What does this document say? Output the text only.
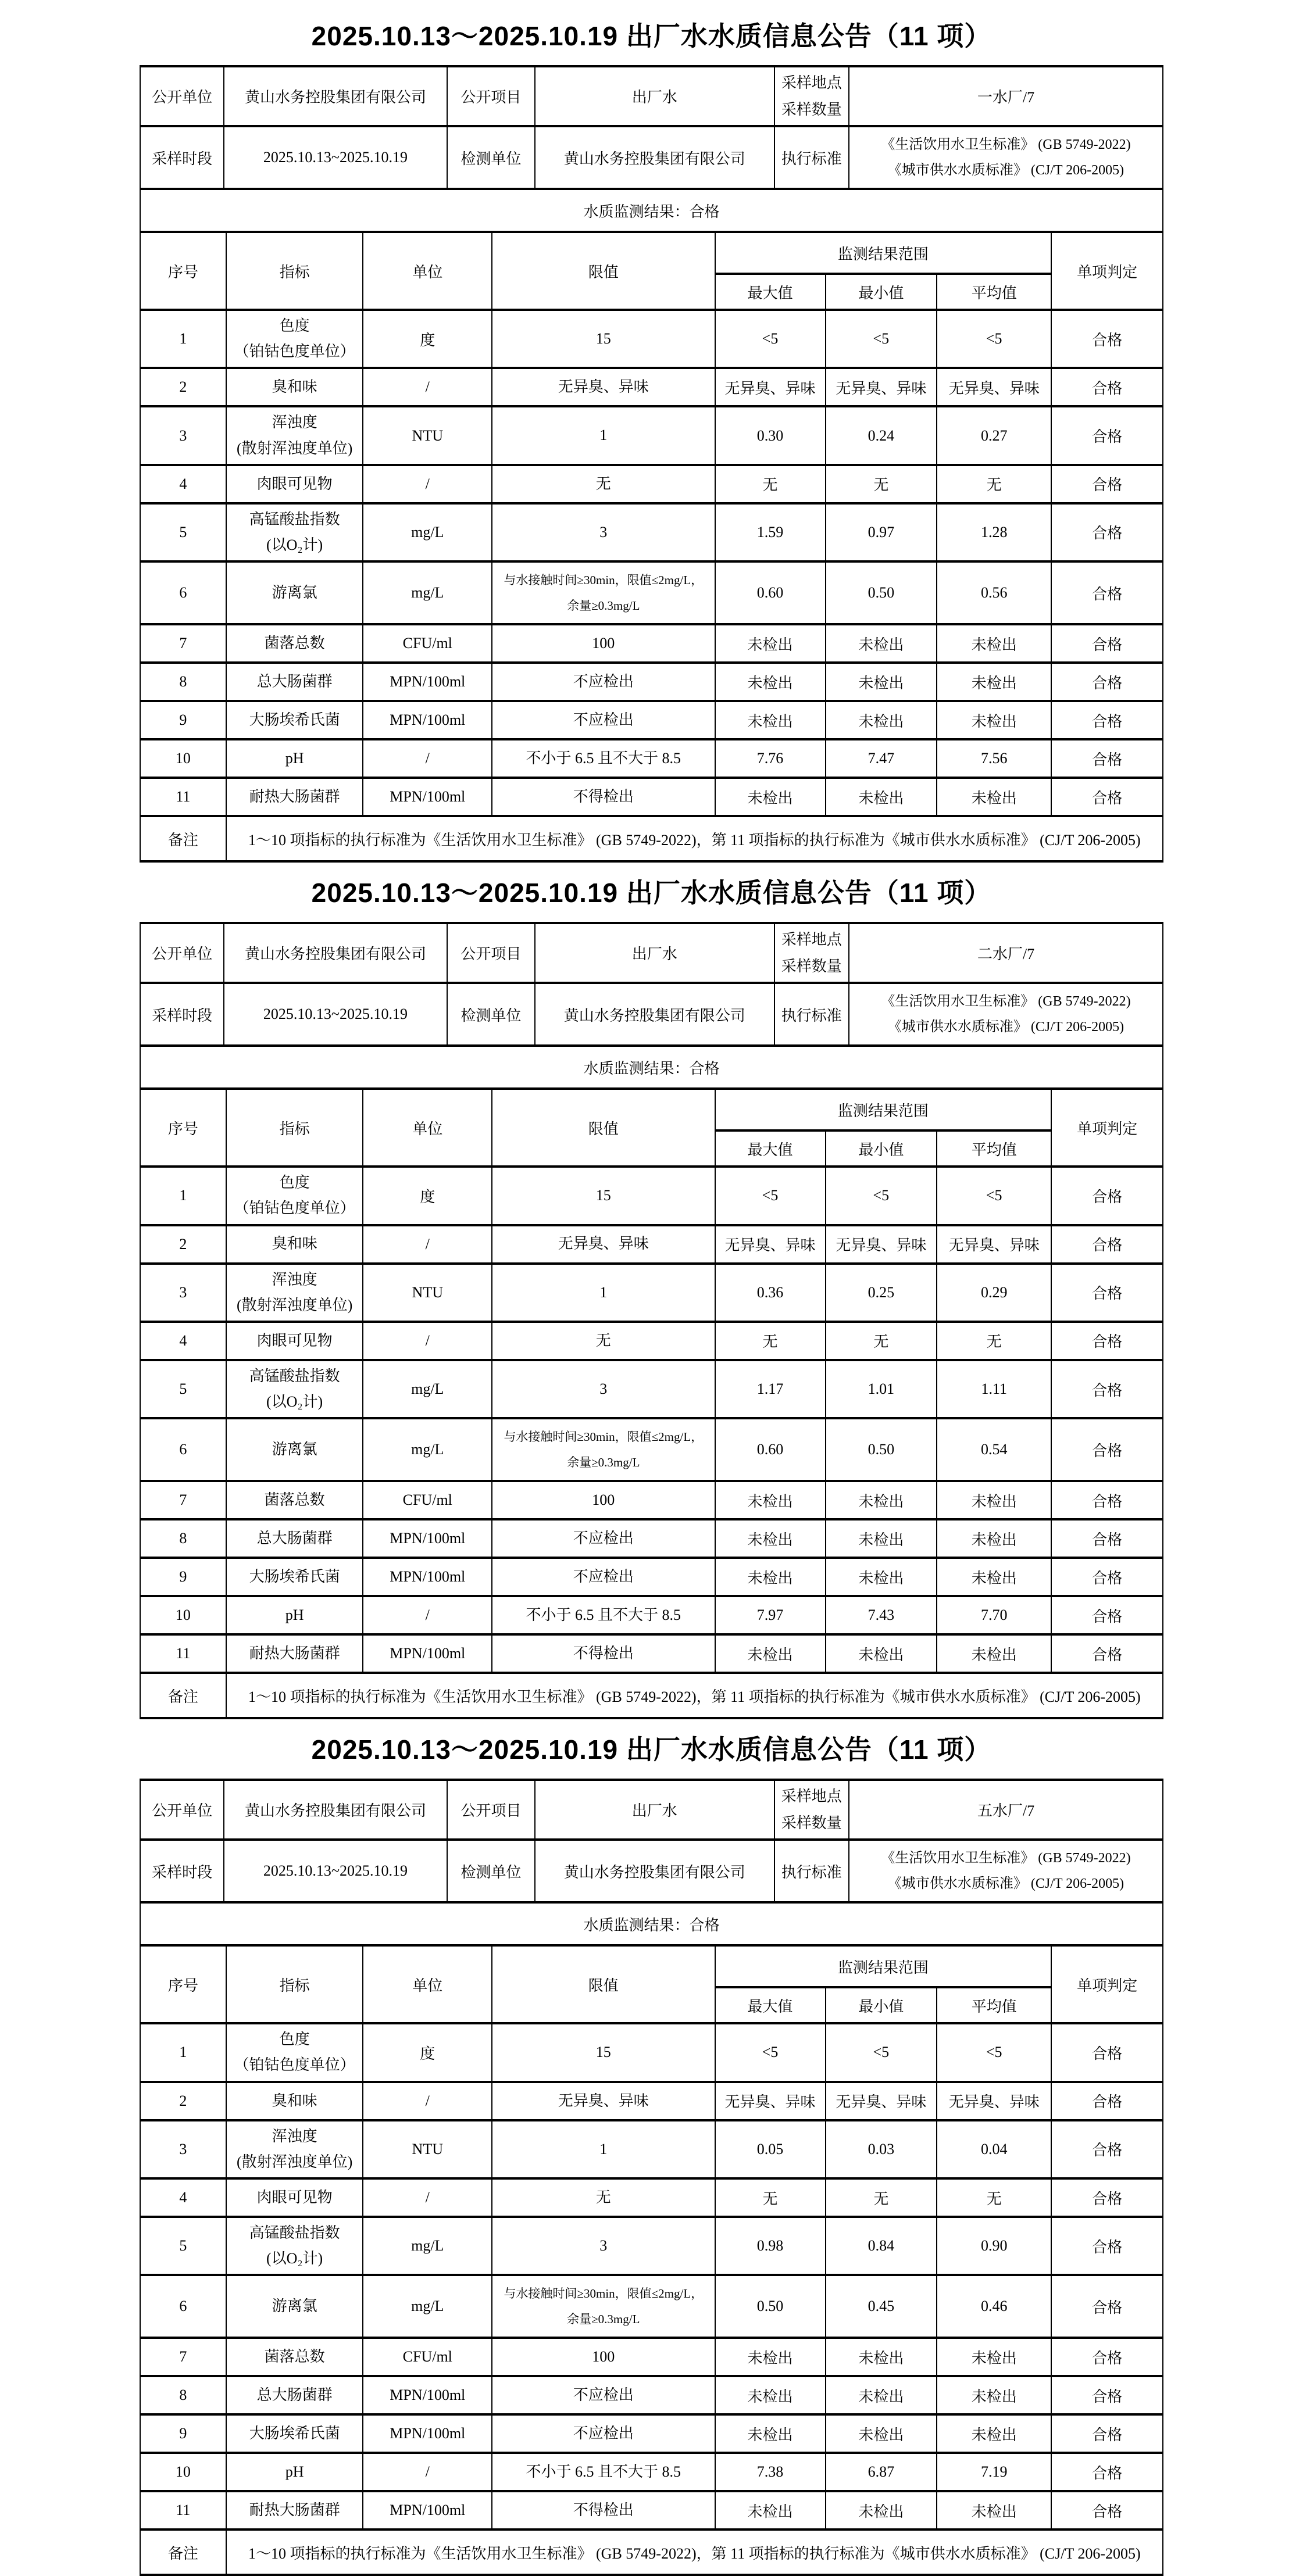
2025.10.13～2025.10.19 出厂水水质信息公告（11 项）
公开单位	黄山水务控股集团有限公司	公开项目	出厂水	采样地点
采样数量	一水厂/7
采样时段	2025.10.13~2025.10.19	检测单位	黄山水务控股集团有限公司	执行标准	《生活饮用水卫生标准》 (GB 5749-2022)
《城市供水水质标准》 (CJ/T 206-2005)
水质监测结果：合格
序号	指标	单位	限值	监测结果范围			单项判定
				最大值	最小值	平均值	
1	色度
（铂钴色度单位）	度	15	<5	<5	<5	合格
2	臭和味	/	无异臭、异味	无异臭、异味	无异臭、异味	无异臭、异味	合格
3	浑浊度
(散射浑浊度单位)	NTU	1	0.30	0.24	0.27	合格
4	肉眼可见物	/	无	无	无	无	合格
5	高锰酸盐指数
(以O₂计)	mg/L	3	1.59	0.97	1.28	合格
6	游离氯	mg/L	与水接触时间≥30min，限值≤2mg/L，
余量≥0.3mg/L	0.60	0.50	0.56	合格
7	菌落总数	CFU/ml	100	未检出	未检出	未检出	合格
8	总大肠菌群	MPN/100ml	不应检出	未检出	未检出	未检出	合格
9	大肠埃希氏菌	MPN/100ml	不应检出	未检出	未检出	未检出	合格
10	pH	/	不小于 6.5 且不大于 8.5	7.76	7.47	7.56	合格
11	耐热大肠菌群	MPN/100ml	不得检出	未检出	未检出	未检出	合格
备注	1～10 项指标的执行标准为《生活饮用水卫生标准》 (GB 5749-2022)，第 11 项指标的执行标准为《城市供水水质标准》 (CJ/T 206-2005)						
2025.10.13～2025.10.19 出厂水水质信息公告（11 项）
公开单位	黄山水务控股集团有限公司	公开项目	出厂水	采样地点
采样数量	二水厂/7
采样时段	2025.10.13~2025.10.19	检测单位	黄山水务控股集团有限公司	执行标准	《生活饮用水卫生标准》 (GB 5749-2022)
《城市供水水质标准》 (CJ/T 206-2005)
水质监测结果：合格
序号	指标	单位	限值	监测结果范围			单项判定
				最大值	最小值	平均值	
1	色度
（铂钴色度单位）	度	15	<5	<5	<5	合格
2	臭和味	/	无异臭、异味	无异臭、异味	无异臭、异味	无异臭、异味	合格
3	浑浊度
(散射浑浊度单位)	NTU	1	0.36	0.25	0.29	合格
4	肉眼可见物	/	无	无	无	无	合格
5	高锰酸盐指数
(以O₂计)	mg/L	3	1.17	1.01	1.11	合格
6	游离氯	mg/L	与水接触时间≥30min，限值≤2mg/L，
余量≥0.3mg/L	0.60	0.50	0.54	合格
7	菌落总数	CFU/ml	100	未检出	未检出	未检出	合格
8	总大肠菌群	MPN/100ml	不应检出	未检出	未检出	未检出	合格
9	大肠埃希氏菌	MPN/100ml	不应检出	未检出	未检出	未检出	合格
10	pH	/	不小于 6.5 且不大于 8.5	7.97	7.43	7.70	合格
11	耐热大肠菌群	MPN/100ml	不得检出	未检出	未检出	未检出	合格
备注	1～10 项指标的执行标准为《生活饮用水卫生标准》 (GB 5749-2022)，第 11 项指标的执行标准为《城市供水水质标准》 (CJ/T 206-2005)						
2025.10.13～2025.10.19 出厂水水质信息公告（11 项）
公开单位	黄山水务控股集团有限公司	公开项目	出厂水	采样地点
采样数量	五水厂/7
采样时段	2025.10.13~2025.10.19	检测单位	黄山水务控股集团有限公司	执行标准	《生活饮用水卫生标准》 (GB 5749-2022)
《城市供水水质标准》 (CJ/T 206-2005)
水质监测结果：合格
序号	指标	单位	限值	监测结果范围			单项判定
				最大值	最小值	平均值	
1	色度
（铂钴色度单位）	度	15	<5	<5	<5	合格
2	臭和味	/	无异臭、异味	无异臭、异味	无异臭、异味	无异臭、异味	合格
3	浑浊度
(散射浑浊度单位)	NTU	1	0.05	0.03	0.04	合格
4	肉眼可见物	/	无	无	无	无	合格
5	高锰酸盐指数
(以O₂计)	mg/L	3	0.98	0.84	0.90	合格
6	游离氯	mg/L	与水接触时间≥30min，限值≤2mg/L，
余量≥0.3mg/L	0.50	0.45	0.46	合格
7	菌落总数	CFU/ml	100	未检出	未检出	未检出	合格
8	总大肠菌群	MPN/100ml	不应检出	未检出	未检出	未检出	合格
9	大肠埃希氏菌	MPN/100ml	不应检出	未检出	未检出	未检出	合格
10	pH	/	不小于 6.5 且不大于 8.5	7.38	6.87	7.19	合格
11	耐热大肠菌群	MPN/100ml	不得检出	未检出	未检出	未检出	合格
备注	1～10 项指标的执行标准为《生活饮用水卫生标准》 (GB 5749-2022)，第 11 项指标的执行标准为《城市供水水质标准》 (CJ/T 206-2005)						
